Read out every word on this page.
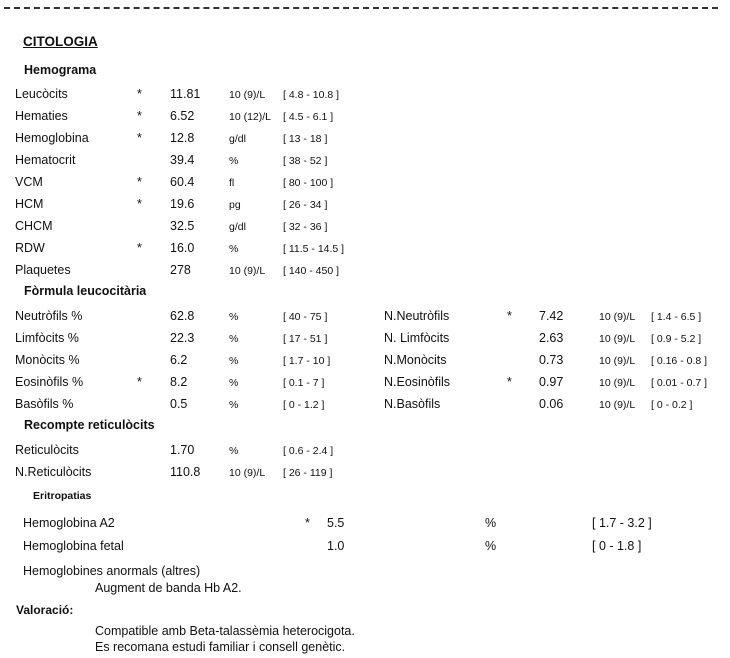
CITOLOGIA
Hemograma
Leucòcits	* 11.81	10 (9)/L [ 4.8 - 10.8 ]
Hematies	* 6.52	10 (12)/L [ 4.5 - 6.1 ]
Hemoglobina	* 12.8	g/dl	[ 13 - 18 ]
Hematocrit	39.4	%	[ 38 - 52 ]
VCM	* 60.4	fl	[ 80 - 100 ]
HCM	* 19.6	pg	[ 26 - 34 ]
CHCM	32.5	g/dl	[ 32 - 36 ]
RDW	* 16.0	%	[ 11.5 - 14.5 ]
Plaquetes	278	10 (9)/L [ 140 - 450 ]
Fòrmula leucocitària
Neutròfils %	62.8	%	[ 40 - 75 ]	N.Neutròfils	* 7.42	10 (9)/L [ 1.4 - 6.5 ]
Limfòcits %	22.3	%	[ 17 - 51 ]	N. Limfòcits	2.63	10 (9)/L [ 0.9 - 5.2 ]
Monòcits %	6.2	%	[ 1.7 - 10 ]	N.Monòcits	0.73	10 (9)/L [ 0.16 - 0.8 ]
Eosinòfils %	* 8.2	%	[ 0.1 - 7 ]	N.Eosinòfils	* 0.97	10 (9)/L [ 0.01 - 0.7 ]
Basòfils %	0.5	%	[ 0 - 1.2 ]	N.Basòfils	0.06	10 (9)/L [ 0 - 0.2 ]
Recompte reticulòcits
Reticulòcits	1.70	%	[ 0.6 - 2.4 ]
N.Reticulòcits	110.8	10 (9)/L [ 26 - 119 ]
Eritropatias
Hemoglobina A2	* 5.5	%	[ 1.7 - 3.2 ]
Hemoglobina fetal	1.0	%	[ 0 - 1.8 ]
Hemoglobines anormals (altres)
Augment de banda Hb A2.
Valoració:
Compatible amb Beta-talassèmia heterocigota.
Es recomana estudi familiar i consell genètic.
